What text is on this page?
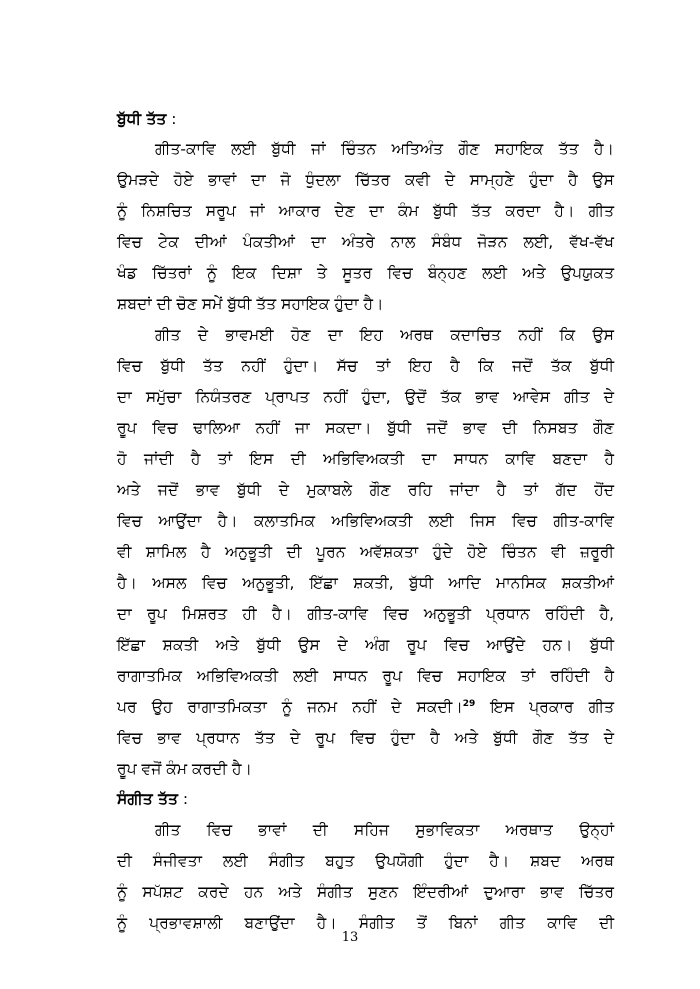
ਬੁੱਧੀ ਤੱਤ :
ਗੀਤ-ਕਾਵਿ ਲਈ ਬੁੱਧੀ ਜਾਂ ਚਿੰਤਨ ਅਤਿਅੰਤ ਗੌਣ ਸਹਾਇਕ ਤੱਤ ਹੈ।
ਉਮੜਦੇ ਹੋਏ ਭਾਵਾਂ ਦਾ ਜੋ ਧੁੰਦਲਾ ਚਿੱਤਰ ਕਵੀ ਦੇ ਸਾਮ੍ਹਣੇ ਹੁੰਦਾ ਹੈ ਉਸ
ਨੂੰ ਨਿਸ਼ਚਿਤ ਸਰੂਪ ਜਾਂ ਆਕਾਰ ਦੇਣ ਦਾ ਕੰਮ ਬੁੱਧੀ ਤੱਤ ਕਰਦਾ ਹੈ। ਗੀਤ
ਵਿਚ ਟੇਕ ਦੀਆਂ ਪੰਕਤੀਆਂ ਦਾ ਅੰਤਰੇ ਨਾਲ ਸੰਬੰਧ ਜੋੜਨ ਲਈ, ਵੱਖ-ਵੱਖ
ਖੰਡ ਚਿੱਤਰਾਂ ਨੂੰ ਇਕ ਦਿਸ਼ਾ ਤੇ ਸੂਤਰ ਵਿਚ ਬੰਨ੍ਹਣ ਲਈ ਅਤੇ ਉਪਯੁਕਤ
ਸ਼ਬਦਾਂ ਦੀ ਚੋਣ ਸਮੇਂ ਬੁੱਧੀ ਤੱਤ ਸਹਾਇਕ ਹੁੰਦਾ ਹੈ।
ਗੀਤ ਦੇ ਭਾਵਮਈ ਹੋਣ ਦਾ ਇਹ ਅਰਥ ਕਦਾਚਿਤ ਨਹੀਂ ਕਿ ਉਸ
ਵਿਚ ਬੁੱਧੀ ਤੱਤ ਨਹੀਂ ਹੁੰਦਾ। ਸੱਚ ਤਾਂ ਇਹ ਹੈ ਕਿ ਜਦੋਂ ਤੱਕ ਬੁੱਧੀ
ਦਾ ਸਮੁੱਚਾ ਨਿਯੰਤਰਣ ਪ੍ਰਾਪਤ ਨਹੀਂ ਹੁੰਦਾ, ਉਦੋਂ ਤੱਕ ਭਾਵ ਆਵੇਸ ਗੀਤ ਦੇ
ਰੂਪ ਵਿਚ ਢਾਲਿਆ ਨਹੀਂ ਜਾ ਸਕਦਾ। ਬੁੱਧੀ ਜਦੋਂ ਭਾਵ ਦੀ ਨਿਸਬਤ ਗੌਣ
ਹੋ ਜਾਂਦੀ ਹੈ ਤਾਂ ਇਸ ਦੀ ਅਭਿਵਿਅਕਤੀ ਦਾ ਸਾਧਨ ਕਾਵਿ ਬਣਦਾ ਹੈ
ਅਤੇ ਜਦੋਂ ਭਾਵ ਬੁੱਧੀ ਦੇ ਮੁਕਾਬਲੇ ਗੌਣ ਰਹਿ ਜਾਂਦਾ ਹੈ ਤਾਂ ਗੱਦ ਹੋਂਦ
ਵਿਚ ਆਉਂਦਾ ਹੈ। ਕਲਾਤਮਿਕ ਅਭਿਵਿਅਕਤੀ ਲਈ ਜਿਸ ਵਿਚ ਗੀਤ-ਕਾਵਿ
ਵੀ ਸ਼ਾਮਿਲ ਹੈ ਅਨੁਭੂਤੀ ਦੀ ਪੂਰਨ ਅਵੱਸ਼ਕਤਾ ਹੁੰਦੇ ਹੋਏ ਚਿੰਤਨ ਵੀ ਜ਼ਰੂਰੀ
ਹੈ। ਅਸਲ ਵਿਚ ਅਨੁਭੂਤੀ, ਇੱਛਾ ਸ਼ਕਤੀ, ਬੁੱਧੀ ਆਦਿ ਮਾਨਸਿਕ ਸ਼ਕਤੀਆਂ
ਦਾ ਰੂਪ ਮਿਸ਼ਰਤ ਹੀ ਹੈ। ਗੀਤ-ਕਾਵਿ ਵਿਚ ਅਨੁਭੂਤੀ ਪ੍ਰਧਾਨ ਰਹਿੰਦੀ ਹੈ,
ਇੱਛਾ ਸ਼ਕਤੀ ਅਤੇ ਬੁੱਧੀ ਉਸ ਦੇ ਅੰਗ ਰੂਪ ਵਿਚ ਆਉਂਦੇ ਹਨ। ਬੁੱਧੀ
ਰਾਗਾਤਮਿਕ ਅਭਿਵਿਅਕਤੀ ਲਈ ਸਾਧਨ ਰੂਪ ਵਿਚ ਸਹਾਇਕ ਤਾਂ ਰਹਿੰਦੀ ਹੈ
ਪਰ ਉਹ ਰਾਗਾਤਮਿਕਤਾ ਨੂੰ ਜਨਮ ਨਹੀਂ ਦੇ ਸਕਦੀ।$^{29}$ ਇਸ ਪ੍ਰਕਾਰ ਗੀਤ
ਵਿਚ ਭਾਵ ਪ੍ਰਧਾਨ ਤੱਤ ਦੇ ਰੂਪ ਵਿਚ ਹੁੰਦਾ ਹੈ ਅਤੇ ਬੁੱਧੀ ਗੌਣ ਤੱਤ ਦੇ
ਰੂਪ ਵਜੋਂ ਕੰਮ ਕਰਦੀ ਹੈ।
ਸੰਗੀਤ ਤੱਤ :
ਗੀਤ ਵਿਚ ਭਾਵਾਂ ਦੀ ਸਹਿਜ ਸੁਭਾਵਿਕਤਾ ਅਰਥਾਤ ਉਨ੍ਹਾਂ
ਦੀ ਸੰਜੀਵਤਾ ਲਈ ਸੰਗੀਤ ਬਹੁਤ ਉਪਯੋਗੀ ਹੁੰਦਾ ਹੈ। ਸ਼ਬਦ ਅਰਥ
ਨੂੰ ਸਪੱਸ਼ਟ ਕਰਦੇ ਹਨ ਅਤੇ ਸੰਗੀਤ ਸੁਣਨ ਇੰਦਰੀਆਂ ਦੁਆਰਾ ਭਾਵ ਚਿੱਤਰ
ਨੂੰ ਪ੍ਰਭਾਵਸ਼ਾਲੀ ਬਣਾਉਂਦਾ ਹੈ। ਸੰਗੀਤ ਤੋਂ ਬਿਨਾਂ ਗੀਤ ਕਾਵਿ ਦੀ
13
